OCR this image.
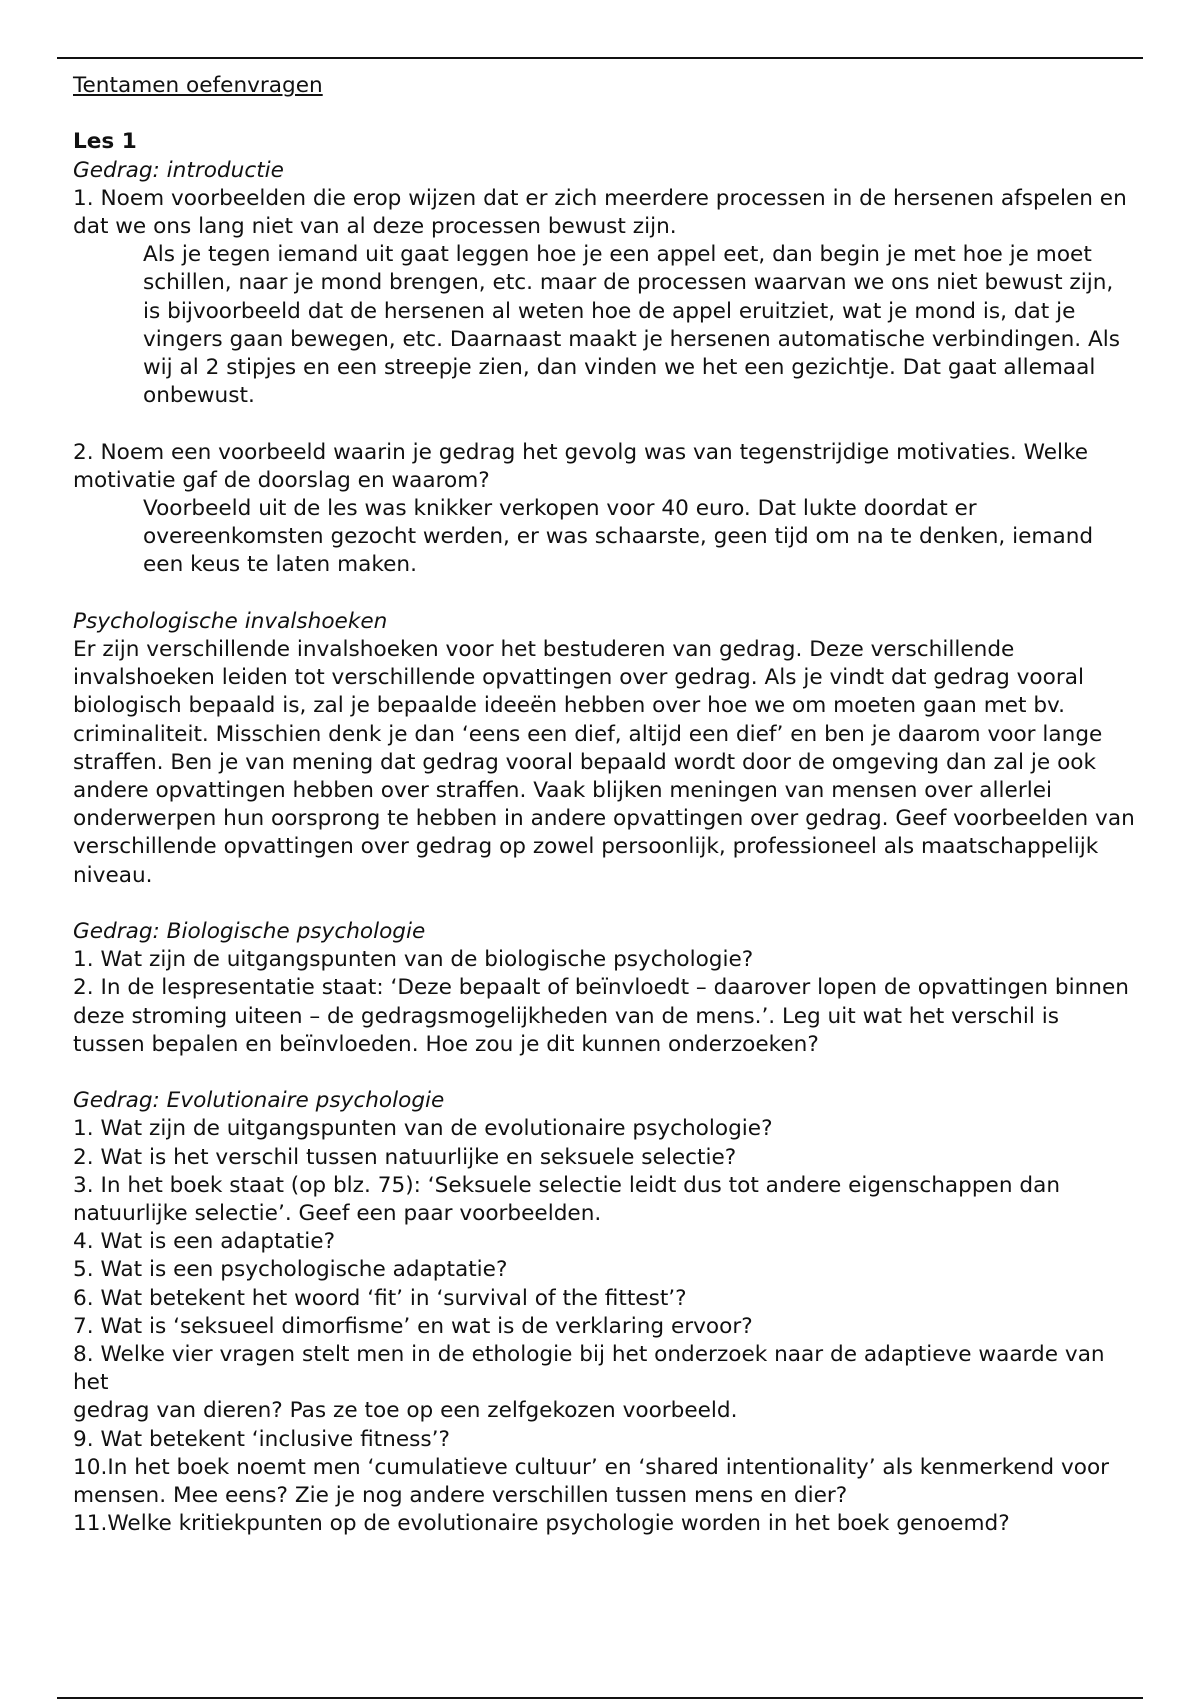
Tentamen oefenvragen

Les 1

Gedrag: introductie

1. Noem voorbeelden die erop wijzen dat er zich meerdere processen in de hersenen afspelen en dat we ons lang niet van al deze processen bewust zijn.

Als je tegen iemand uit gaat leggen hoe je een appel eet, dan begin je met hoe je moet schillen, naar je mond brengen, etc. maar de processen waarvan we ons niet bewust zijn, is bijvoorbeeld dat de hersenen al weten hoe de appel eruitziet, wat je mond is, dat je vingers gaan bewegen, etc. Daarnaast maakt je hersenen automatische verbindingen. Als wij al 2 stipjes en een streepje zien, dan vinden we het een gezichtje. Dat gaat allemaal onbewust.

2. Noem een voorbeeld waarin je gedrag het gevolg was van tegenstrijdige motivaties. Welke motivatie gaf de doorslag en waarom?

Voorbeeld uit de les was knikker verkopen voor 40 euro. Dat lukte doordat er overeenkomsten gezocht werden, er was schaarste, geen tijd om na te denken, iemand een keus te laten maken.

Psychologische invalshoeken

Er zijn verschillende invalshoeken voor het bestuderen van gedrag. Deze verschillende invalshoeken leiden tot verschillende opvattingen over gedrag. Als je vindt dat gedrag vooral biologisch bepaald is, zal je bepaalde ideeën hebben over hoe we om moeten gaan met bv. criminaliteit. Misschien denk je dan ‘eens een dief, altijd een dief’ en ben je daarom voor lange straffen. Ben je van mening dat gedrag vooral bepaald wordt door de omgeving dan zal je ook andere opvattingen hebben over straffen. Vaak blijken meningen van mensen over allerlei onderwerpen hun oorsprong te hebben in andere opvattingen over gedrag. Geef voorbeelden van verschillende opvattingen over gedrag op zowel persoonlijk, professioneel als maatschappelijk niveau.

Gedrag: Biologische psychologie

1. Wat zijn de uitgangspunten van de biologische psychologie?

2. In de lespresentatie staat: ‘Deze bepaalt of beïnvloedt – daarover lopen de opvattingen binnen deze stroming uiteen – de gedragsmogelijkheden van de mens.’. Leg uit wat het verschil is tussen bepalen en beïnvloeden. Hoe zou je dit kunnen onderzoeken?

Gedrag: Evolutionaire psychologie

1. Wat zijn de uitgangspunten van de evolutionaire psychologie?

2. Wat is het verschil tussen natuurlijke en seksuele selectie?

3. In het boek staat (op blz. 75): ‘Seksuele selectie leidt dus tot andere eigenschappen dan natuurlijke selectie’. Geef een paar voorbeelden.

4. Wat is een adaptatie?

5. Wat is een psychologische adaptatie?

6. Wat betekent het woord ‘fit’ in ‘survival of the fittest’?

7. Wat is ‘seksueel dimorfisme’ en wat is de verklaring ervoor?

8. Welke vier vragen stelt men in de ethologie bij het onderzoek naar de adaptieve waarde van het

gedrag van dieren? Pas ze toe op een zelfgekozen voorbeeld.

9. Wat betekent ‘inclusive fitness’?

10.In het boek noemt men ‘cumulatieve cultuur’ en ‘shared intentionality’ als kenmerkend voor

mensen. Mee eens? Zie je nog andere verschillen tussen mens en dier?

11.Welke kritiekpunten op de evolutionaire psychologie worden in het boek genoemd?
